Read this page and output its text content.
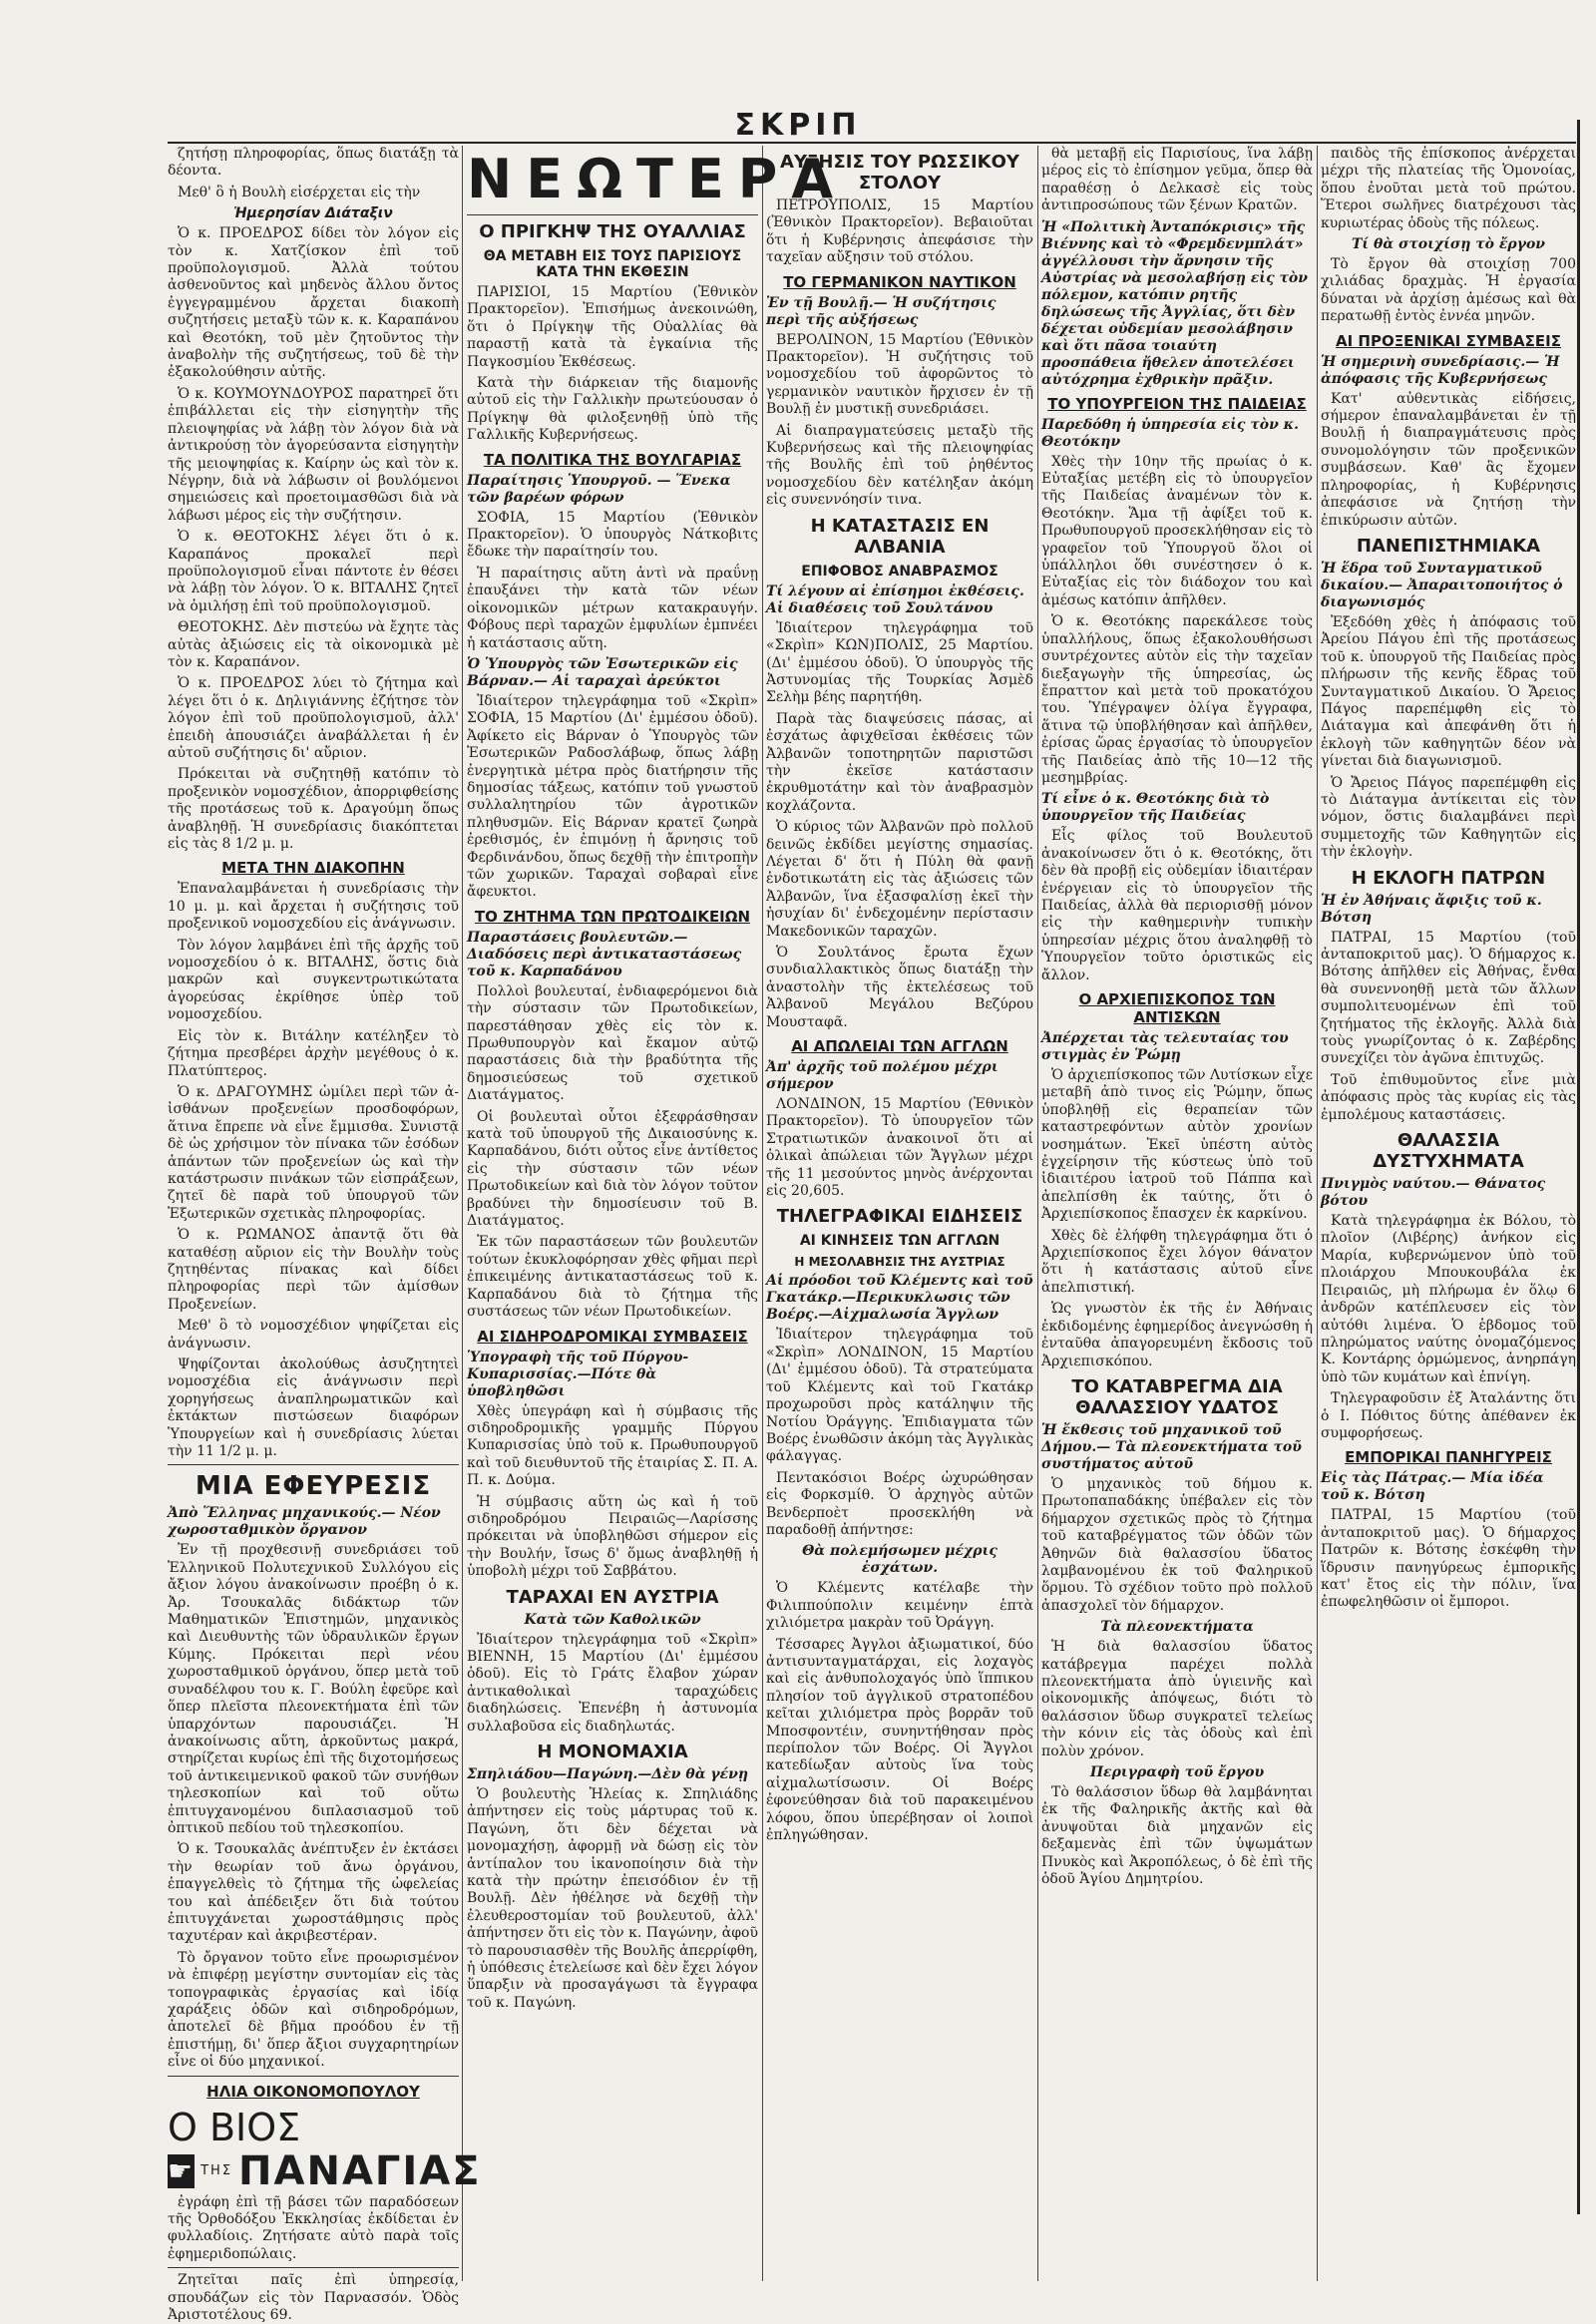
ΣΚΡΙΠ

ζητήσῃ πληροφορίας, ὅπως διατάξῃ τὰ δέοντα.

Μεθ' ὃ ἡ Βουλὴ εἰσέρχεται εἰς τὴν

Ἡμερησίαν Διάταξιν

Ὁ κ. ΠΡΟΕΔΡΟΣ δίδει τὸν λόγον εἰς τὸν κ. Χατζίσκον ἐπὶ τοῦ προϋπολογισμοῦ. Ἀλλὰ τούτου ἀσθενοῦντος καὶ μηδενὸς ἄλλου ὄντος ἐγγεγραμμένου ἄρχεται διακοπὴ συζητήσεις μεταξὺ τῶν κ. κ. Καραπάνου καὶ Θεοτόκη, τοῦ μὲν ζητοῦντος τὴν ἀναβολὴν τῆς συζητήσεως, τοῦ δὲ τὴν ἐξακολούθησιν αὐτῆς.

Ὁ κ. ΚΟΥΜΟΥΝΔΟΥΡΟΣ παρατηρεῖ ὅτι ἐπιβάλλεται εἰς τὴν εἰσηγητὴν τῆς πλειοψηφίας νὰ λάβῃ τὸν λόγον διὰ νὰ ἀντικρούσῃ τὸν ἀγορεύσαντα εἰσηγητὴν τῆς μειοψηφίας κ. Καίρην ὡς καὶ τὸν κ. Νέγρην, διὰ νὰ λάβωσιν οἱ βουλόμενοι σημειώσεις καὶ προετοιμασθῶσι διὰ νὰ λάβωσι μέρος εἰς τὴν συζήτησιν.

Ὁ κ. ΘΕΟΤΟΚΗΣ λέγει ὅτι ὁ κ. Καραπάνος προκαλεῖ περὶ προϋπολογισμοῦ εἶναι πάντοτε ἐν θέσει νὰ λάβῃ τὸν λόγον. Ὁ κ. ΒΙΤΑΛΗΣ ζητεῖ νὰ ὁμιλήσῃ ἐπὶ τοῦ προϋπολογισμοῦ.

ΘΕΟΤΟΚΗΣ. Δὲν πιστεύω νὰ ἔχητε τὰς αὐτὰς ἀξιώσεις εἰς τὰ οἰκονομικὰ μὲ τὸν κ. Καραπάνον.

Ὁ κ. ΠΡΟΕΔΡΟΣ λύει τὸ ζήτημα καὶ λέγει ὅτι ὁ κ. Δηλιγιάννης ἐζήτησε τὸν λόγον ἐπὶ τοῦ προϋπολογισμοῦ, ἀλλ' ἐπειδὴ ἀπουσιάζει ἀναβάλλεται ἡ ἐν αὐτοῦ συζήτησις δι' αὔριον.

Πρόκειται νὰ συζητηθῇ κατόπιν τὸ προξενικὸν νομοσχέδιον, ἀπορριφθείσης τῆς προτάσεως τοῦ κ. Δραγούμη ὅπως ἀναβληθῇ. Ἡ συνεδρίασις διακόπτεται εἰς τὰς 8 1/2 μ. μ.

ΜΕΤΑ ΤΗΝ ΔΙΑΚΟΠΗΝ

Ἐπαναλαμβάνεται ἡ συνεδρίασις τὴν 10 μ. μ. καὶ ἄρχεται ἡ συζήτησις τοῦ προξενικοῦ νομοσχεδίου εἰς ἀνάγνωσιν.

Τὸν λόγον λαμβάνει ἐπὶ τῆς ἀρχῆς τοῦ νομοσχεδίου ὁ κ. ΒΙΤΑΛΗΣ, ὅστις διὰ μακρῶν καὶ συγκεντρωτικώτατα ἀγορεύσας ἐκρίθησε ὑπὲρ τοῦ νομοσχεδίου.

Εἰς τὸν κ. Βιτάλην κατέληξεν τὸ ζήτημα πρεσβέρει ἀρχὴν μεγέθους ὁ κ. Πλατύπτερος.

Ὁ κ. ΔΡΑΓΟΥΜΗΣ ὡμίλει περὶ τῶν ἀ-ἰσθάνων προξενείων προσδοφόρων, ἅτινα ἔπρεπε νὰ εἶνε ἔμμισθα. Συνιστᾷ δὲ ὡς χρήσιμον τὸν πίνακα τῶν ἐσόδων ἁπάντων τῶν προξενείων ὡς καὶ τὴν κατάστρωσιν πινάκων τῶν εἰσπράξεων, ζητεῖ δὲ παρὰ τοῦ ὑπουργοῦ τῶν Ἐξωτερικῶν σχετικὰς πληροφορίας.

Ὁ κ. ΡΩΜΑΝΟΣ ἀπαντᾷ ὅτι θὰ καταθέσῃ αὔριον εἰς τὴν Βουλὴν τοὺς ζητηθέντας πίνακας καὶ δίδει πληροφορίας περὶ τῶν ἀμίσθων Προξενείων.

Μεθ' ὃ τὸ νομοσχέδιον ψηφίζεται εἰς ἀνάγνωσιν.

Ψηφίζονται ἀκολούθως ἀσυζητητεὶ νομοσχέδια εἰς ἀνάγνωσιν περὶ χορηγήσεως ἀναπληρωματικῶν καὶ ἐκτάκτων πιστώσεων διαφόρων Ὑπουργείων καὶ ἡ συνεδρίασις λύεται τὴν 11 1/2 μ. μ.

ΜΙΑ ΕΦΕΥΡΕΣΙΣ
Ἀπὸ Ἕλληνας μηχανικούς.— Νέον χωροσταθμικὸν ὄργανον

Ἐν τῇ προχθεσινῇ συνεδριάσει τοῦ Ἑλληνικοῦ Πολυτεχνικοῦ Συλλόγου εἰς ἄξιον λόγου ἀνακοίνωσιν προέβη ὁ κ. Ἀρ. Τσουκαλᾶς διδάκτωρ τῶν Μαθηματικῶν Ἐπιστημῶν, μηχανικὸς καὶ Διευθυντὴς τῶν ὑδραυλικῶν ἔργων Κύμης. Πρόκειται περὶ νέου χωροσταθμικοῦ ὀργάνου, ὅπερ μετὰ τοῦ συναδέλφου του κ. Γ. Βούλη ἐφεῦρε καὶ ὅπερ πλεῖστα πλεονεκτήματα ἐπὶ τῶν ὑπαρχόντων παρουσιάζει. Ἡ ἀνακοίνωσις αὕτη, ἀρκοῦντως μακρά, στηρίζεται κυρίως ἐπὶ τῆς διχοτομήσεως τοῦ ἀντικειμενικοῦ φακοῦ τῶν συνήθων τηλεσκοπίων καὶ τοῦ οὕτω ἐπιτυγχανομένου διπλασιασμοῦ τοῦ ὀπτικοῦ πεδίου τοῦ τηλεσκοπίου.

Ὁ κ. Τσουκαλᾶς ἀνέπτυξεν ἐν ἐκτάσει τὴν θεωρίαν τοῦ ἄνω ὀργάνου, ἐπαγγελθεὶς τὸ ζήτημα τῆς ὠφελείας του καὶ ἀπέδειξεν ὅτι διὰ τούτου ἐπιτυγχάνεται χωροστάθμησις πρὸς ταχυτέραν καὶ ἀκριβεστέραν.

Τὸ ὄργανον τοῦτο εἶνε προωρισμένον νὰ ἐπιφέρῃ μεγίστην συντομίαν εἰς τὰς τοπογραφικὰς ἐργασίας καὶ ἰδίᾳ χαράξεις ὁδῶν καὶ σιδηροδρόμων, ἀποτελεῖ δὲ βῆμα προόδου ἐν τῇ ἐπιστήμῃ, δι' ὅπερ ἄξιοι συγχαρητηρίων εἶνε οἱ δύο μηχανικοί.

ΗΛΙΑ ΟΙΚΟΝΟΜΟΠΟΥΛΟΥ
Ο ΒΙΟΣ
☛ ΤΗΣ ΠΑΝΑΓΙΑΣ

ἐγράφη ἐπὶ τῇ βάσει τῶν παραδόσεων τῆς Ὀρθοδόξου Ἐκκλησίας ἐκδίδεται ἐν φυλλαδίοις. Ζητήσατε αὐτὸ παρὰ τοῖς ἐφημεριδοπώλαις.

Ζητεῖται παῖς ἐπὶ ὑπηρεσίᾳ, σπουδάζων εἰς τὸν Παρνασσόν. Ὁδὸς Ἀριστοτέλους 69.

ΝΕΩΤΕΡΑ
Ο ΠΡΙΓΚΗΨ ΤΗΣ ΟΥΑΛΛΙΑΣ
ΘΑ ΜΕΤΑΒΗ ΕΙΣ ΤΟΥΣ ΠΑΡΙΣΙΟΥΣ ΚΑΤΑ ΤΗΝ ΕΚΘΕΣΙΝ

ΠΑΡΙΣΙΟΙ, 15 Μαρτίου (Ἐθνικὸν Πρακτορεῖον). Ἐπισήμως ἀνεκοινώθη, ὅτι ὁ Πρίγκηψ τῆς Οὐαλλίας θὰ παραστῇ κατὰ τὰ ἐγκαίνια τῆς Παγκοσμίου Ἐκθέσεως.

Κατὰ τὴν διάρκειαν τῆς διαμονῆς αὐτοῦ εἰς τὴν Γαλλικὴν πρωτεύουσαν ὁ Πρίγκηψ θὰ φιλοξενηθῇ ὑπὸ τῆς Γαλλικῆς Κυβερνήσεως.

ΤΑ ΠΟΛΙΤΙΚΑ ΤΗΣ ΒΟΥΛΓΑΡΙΑΣ
Παραίτησις Ὑπουργοῦ. — Ἕνεκα τῶν βαρέων φόρων

ΣΟΦΙΑ, 15 Μαρτίου (Ἐθνικὸν Πρακτορεῖον). Ὁ ὑπουργὸς Νάτκοβιτς ἔδωκε τὴν παραίτησίν του.

Ἡ παραίτησις αὕτη ἀντὶ νὰ πραΰνῃ ἐπαυξάνει τὴν κατὰ τῶν νέων οἰκονομικῶν μέτρων κατακραυγήν. Φόβους περὶ ταραχῶν ἐμφυλίων ἐμπνέει ἡ κατάστασις αὕτη.

Ὁ Ὑπουργὸς τῶν Ἐσωτερικῶν εἰς Βάρναν.— Αἱ ταραχαὶ ἀρεύκτοι

Ἰδιαίτερον τηλεγράφημα τοῦ «Σκρὶπ» ΣΟΦΙΑ, 15 Μαρτίου (Δι' ἐμμέσου ὁδοῦ). Ἀφίκετο εἰς Βάρναν ὁ Ὑπουργὸς τῶν Ἐσωτερικῶν Ραδοσλάβωφ, ὅπως λάβῃ ἐνεργητικὰ μέτρα πρὸς διατήρησιν τῆς δημοσίας τάξεως, κατόπιν τοῦ γνωστοῦ συλλαλητηρίου τῶν ἀγροτικῶν πληθυσμῶν. Εἰς Βάρναν κρατεῖ ζωηρὰ ἐρεθισμός, ἐν ἐπιμόνῃ ἡ ἄρνησις τοῦ Φερδινάνδου, ὅπως δεχθῇ τὴν ἐπιτροπὴν τῶν χωρικῶν. Ταραχαὶ σοβαραὶ εἶνε ἄφευκτοι.

ΤΟ ΖΗΤΗΜΑ ΤΩΝ ΠΡΩΤΟΔΙΚΕΙΩΝ
Παραστάσεις βουλευτῶν.— Διαδόσεις περὶ ἀντικαταστάσεως τοῦ κ. Καρπαδάνου

Πολλοὶ βουλευταί, ἐνδιαφερόμενοι διὰ τὴν σύστασιν τῶν Πρωτοδικείων, παρεστάθησαν χθὲς εἰς τὸν κ. Πρωθυπουργὸν καὶ ἔκαμον αὐτῷ παραστάσεις διὰ τὴν βραδύτητα τῆς δημοσιεύσεως τοῦ σχετικοῦ Διατάγματος.

Οἱ βουλευταὶ οὗτοι ἐξεφράσθησαν κατὰ τοῦ ὑπουργοῦ τῆς Δικαιοσύνης κ. Καρπαδάνου, διότι οὗτος εἶνε ἀντίθετος εἰς τὴν σύστασιν τῶν νέων Πρωτοδικείων καὶ διὰ τὸν λόγον τοῦτον βραδύνει τὴν δημοσίευσιν τοῦ Β. Διατάγματος.

Ἐκ τῶν παραστάσεων τῶν βουλευτῶν τούτων ἐκυκλοφόρησαν χθὲς φῆμαι περὶ ἐπικειμένης ἀντικαταστάσεως τοῦ κ. Καρπαδάνου διὰ τὸ ζήτημα τῆς συστάσεως τῶν νέων Πρωτοδικείων.

ΑΙ ΣΙΔΗΡΟΔΡΟΜΙΚΑΙ ΣΥΜΒΑΣΕΙΣ
Ὑπογραφὴ τῆς τοῦ Πύργου-Κυπαρισσίας.—Πότε θὰ ὑποβληθῶσι

Χθὲς ὑπεγράφη καὶ ἡ σύμβασις τῆς σιδηροδρομικῆς γραμμῆς Πύργου Κυπαρισσίας ὑπὸ τοῦ κ. Πρωθυπουργοῦ καὶ τοῦ διευθυντοῦ τῆς ἑταιρίας Σ. Π. Α. Π. κ. Δούμα.

Ἡ σύμβασις αὕτη ὡς καὶ ἡ τοῦ σιδηροδρόμου Πειραιῶς—Λαρίσσης πρόκειται νὰ ὑποβληθῶσι σήμερον εἰς τὴν Βουλήν, ἴσως δ' ὅμως ἀναβληθῇ ἡ ὑποβολὴ μέχρι τοῦ Σαββάτου.

ΤΑΡΑΧΑΙ ΕΝ ΑΥΣΤΡΙΑ
Κατὰ τῶν Καθολικῶν

Ἰδιαίτερον τηλεγράφημα τοῦ «Σκρὶπ» ΒΙΕΝΝΗ, 15 Μαρτίου (Δι' ἐμμέσου ὁδοῦ). Εἰς τὸ Γράτς ἔλαβον χώραν ἀντικαθολικαὶ ταραχώδεις διαδηλώσεις. Ἐπενέβη ἡ ἀστυνομία συλλαβοῦσα εἰς διαδηλωτάς.

Η ΜΟΝΟΜΑΧΙΑ
Σπηλιάδου—Παγώνη.—Δὲν θὰ γένῃ

Ὁ βουλευτὴς Ἠλείας κ. Σπηλιάδης ἀπήντησεν εἰς τοὺς μάρτυρας τοῦ κ. Παγώνη, ὅτι δὲν δέχεται νὰ μονομαχήσῃ, ἀφορμῇ νὰ δώσῃ εἰς τὸν ἀντίπαλον του ἱκανοποίησιν διὰ τὴν κατὰ τὴν πρώτην ἐπεισόδιον ἐν τῇ Βουλῇ. Δὲν ἠθέλησε νὰ δεχθῇ τὴν ἐλευθεροστομίαν τοῦ βουλευτοῦ, ἀλλ' ἀπήντησεν ὅτι εἰς τὸν κ. Παγώνην, ἀφοῦ τὸ παρουσιασθὲν τῆς Βουλῆς ἀπερρίφθη, ἡ ὑπόθεσις ἐτελείωσε καὶ δὲν ἔχει λόγον ὕπαρξιν νὰ προσαγάγωσι τὰ ἔγγραφα τοῦ κ. Παγώνη.

ΑΥΞΗΣΙΣ ΤΟΥ ΡΩΣΣΙΚΟΥ ΣΤΟΛΟΥ

ΠΕΤΡΟΥΠΟΛΙΣ, 15 Μαρτίου (Ἐθνικὸν Πρακτορεῖον). Βεβαιοῦται ὅτι ἡ Κυβέρνησις ἀπεφάσισε τὴν ταχεῖαν αὔξησιν τοῦ στόλου.

ΤΟ ΓΕΡΜΑΝΙΚΟΝ ΝΑΥΤΙΚΟΝ
Ἐν τῇ Βουλῇ.— Ἡ συζήτησις περὶ τῆς αὐξήσεως

ΒΕΡΟΛΙΝΟΝ, 15 Μαρτίου (Ἐθνικὸν Πρακτορεῖον). Ἡ συζήτησις τοῦ νομοσχεδίου τοῦ ἀφορῶντος τὸ γερμανικὸν ναυτικὸν ἤρχισεν ἐν τῇ Βουλῇ ἐν μυστικῇ συνεδριάσει.

Αἱ διαπραγματεύσεις μεταξὺ τῆς Κυβερνήσεως καὶ τῆς πλειοψηφίας τῆς Βουλῆς ἐπὶ τοῦ ῥηθέντος νομοσχεδίου δὲν κατέληξαν ἀκόμη εἰς συνεννόησίν τινα.

Η ΚΑΤΑΣΤΑΣΙΣ ΕΝ ΑΛΒΑΝΙΑ
ΕΠΙΦΟΒΟΣ ΑΝΑΒΡΑΣΜΟΣ
Τί λέγουν αἱ ἐπίσημοι ἐκθέσεις. Αἱ διαθέσεις τοῦ Σουλτάνου

Ἰδιαίτερον τηλεγράφημα τοῦ «Σκρὶπ» ΚΩΝ)ΠΟΛΙΣ, 25 Μαρτίου. (Δι' ἐμμέσου ὁδοῦ). Ὁ ὑπουργὸς τῆς Ἀστυνομίας τῆς Τουρκίας Ἀσμὲδ Σελὴμ βέης παρητήθη.

Παρὰ τὰς διαψεύσεις πάσας, αἱ ἐσχάτως ἀφιχθεῖσαι ἐκθέσεις τῶν Ἀλβανῶν τοποτηρητῶν παριστῶσι τὴν ἐκεῖσε κατάστασιν ἐκρυθμοτάτην καὶ τὸν ἀναβρασμὸν κοχλάζοντα.

Ὁ κύριος τῶν Ἀλβανῶν πρὸ πολλοῦ δεινῶς ἐκδίδει μεγίστης σημασίας. Λέγεται δ' ὅτι ἡ Πύλη θὰ φανῇ ἐνδοτικωτάτη εἰς τὰς ἀξιώσεις τῶν Ἀλβανῶν, ἵνα ἐξασφαλίσῃ ἐκεῖ τὴν ἡσυχίαν δι' ἐνδεχομένην περίστασιν Μακεδονικῶν ταραχῶν.

Ὁ Σουλτάνος ἔρωτα ἔχων συνδιαλλακτικὸς ὅπως διατάξῃ τὴν ἀναστολὴν τῆς ἐκτελέσεως τοῦ Ἀλβανοῦ Μεγάλου Βεζύρου Μουσταφᾶ.

ΑΙ ΑΠΩΛΕΙΑΙ ΤΩΝ ΑΓΓΛΩΝ
Ἀπ' ἀρχῆς τοῦ πολέμου μέχρι σήμερον

ΛΟΝΔΙΝΟΝ, 15 Μαρτίου (Ἐθνικὸν Πρακτορεῖον). Τὸ ὑπουργεῖον τῶν Στρατιωτικῶν ἀνακοινοῖ ὅτι αἱ ὁλικαὶ ἀπώλειαι τῶν Ἄγγλων μέχρι τῆς 11 μεσούντος μηνὸς ἀνέρχονται εἰς 20,605.

ΤΗΛΕΓΡΑΦΙΚΑΙ ΕΙΔΗΣΕΙΣ
ΑΙ ΚΙΝΗΣΕΙΣ ΤΩΝ ΑΓΓΛΩΝ
Η ΜΕΣΟΛΑΒΗΣΙΣ ΤΗΣ ΑΥΣΤΡΙΑΣ
Αἱ πρόοδοι τοῦ Κλέμεντς καὶ τοῦ Γκατάκρ.—Περικυκλωσις τῶν Βοέρς.—Αἰχμαλωσία Ἄγγλων

Ἰδιαίτερον τηλεγράφημα τοῦ «Σκρὶπ» ΛΟΝΔΙΝΟΝ, 15 Μαρτίου (Δι' ἐμμέσου ὁδοῦ). Τὰ στρατεύματα τοῦ Κλέμεντς καὶ τοῦ Γκατάκρ προχωροῦσι πρὸς κατάληψιν τῆς Νοτίου Ὀράγγης. Ἐπιδιαγματα τῶν Βοέρς ἐνωθῶσιν ἀκόμη τὰς Ἀγγλικὰς φάλαγγας.

Πεντακόσιοι Βοέρς ὠχυρώθησαν εἰς Φορκσμίθ. Ὁ ἀρχηγὸς αὐτῶν Βενδερποὲτ προσεκλήθη νὰ παραδοθῇ ἀπήντησε:

Θὰ πολεμήσωμεν μέχρις ἐσχάτων.

Ὁ Κλέμεντς κατέλαβε τὴν Φιλιππούπολιν κειμένην ἑπτὰ χιλιόμετρα μακρὰν τοῦ Ὀράγγη.

Τέσσαρες Ἀγγλοι ἀξιωματικοί, δύο ἀντισυνταγματάρχαι, εἰς λοχαγὸς καὶ εἰς ἀνθυπολοχαγός ὑπὸ ἵππικου πλησίον τοῦ ἀγγλικοῦ στρατοπέδου κεῖται χιλιόμετρα πρὸς βορρᾶν τοῦ Μποσφοντέιν, συνηντήθησαν πρὸς περίπολον τῶν Βοέρς. Οἱ Ἄγγλοι κατεδίωξαν αὐτοὺς ἵνα τοὺς αἰχμαλωτίσωσιν. Οἱ Βοέρς ἐφονεύθησαν διὰ τοῦ παρακειμένου λόφου, ὅπου ὑπερέβησαν οἱ λοιποὶ ἐπληγώθησαν.

θὰ μεταβῇ εἰς Παρισίους, ἵνα λάβῃ μέρος εἰς τὸ ἐπίσημον γεῦμα, ὅπερ θὰ παραθέσῃ ὁ Δελκασὲ εἰς τοὺς ἀντιπροσώπους τῶν ξένων Κρατῶν.

Ἡ «Πολιτικὴ Ἀνταπόκρισις» τῆς Βιέννης καὶ τὸ «Φρεμδενμπλάτ» ἀγγέλλουσι τὴν ἄρνησιν τῆς Αὐστρίας νὰ μεσολαβήσῃ εἰς τὸν πόλεμον, κατόπιν ρητῆς δηλώσεως τῆς Ἀγγλίας, ὅτι δὲν δέχεται οὐδεμίαν μεσολάβησιν καὶ ὅτι πᾶσα τοιαύτη προσπάθεια ἤθελεν ἀποτελέσει αὐτόχρημα ἐχθρικὴν πρᾶξιν.
ΤΟ ΥΠΟΥΡΓΕΙΟΝ ΤΗΣ ΠΑΙΔΕΙΑΣ
Παρεδόθη ἡ ὑπηρεσία εἰς τὸν κ. Θεοτόκην

Χθὲς τὴν 10ην τῆς πρωίας ὁ κ. Εὐταξίας μετέβη εἰς τὸ ὑπουργεῖον τῆς Παιδείας ἀναμένων τὸν κ. Θεοτόκην. Ἅμα τῇ ἀφίξει τοῦ κ. Πρωθυπουργοῦ προσεκλήθησαν εἰς τὸ γραφεῖον τοῦ Ὑπουργοῦ ὅλοι οἱ ὑπάλληλοι ὅθι συνέστησεν ὁ κ. Εὐταξίας εἰς τὸν διάδοχον του καὶ ἀμέσως κατόπιν ἀπῆλθεν.

Ὁ κ. Θεοτόκης παρεκάλεσε τοὺς ὑπαλλήλους, ὅπως ἐξακολουθήσωσι συντρέχοντες αὐτὸν εἰς τὴν ταχεῖαν διεξαγωγὴν τῆς ὑπηρεσίας, ὡς ἔπραττον καὶ μετὰ τοῦ προκατόχου του. Ὑπέγραψεν ὀλίγα ἔγγραφα, ἅτινα τῷ ὑποβλήθησαν καὶ ἀπῆλθεν, ἐρίσας ὥρας ἐργασίας τὸ ὑπουργεῖον τῆς Παιδείας ἀπὸ τῆς 10—12 τῆς μεσημβρίας.

Τί εἶνε ὁ κ. Θεοτόκης διὰ τὸ ὑπουργεῖον τῆς Παιδείας

Εἷς φίλος τοῦ Βουλευτοῦ ἀνακοίνωσεν ὅτι ὁ κ. Θεοτόκης, ὅτι δὲν θὰ προβῇ εἰς οὐδεμίαν ἰδιαιτέραν ἐνέργειαν εἰς τὸ ὑπουργεῖον τῆς Παιδείας, ἀλλὰ θὰ περιορισθῇ μόνον εἰς τὴν καθημερινὴν τυπικὴν ὑπηρεσίαν μέχρις ὅτου ἀναληφθῇ τὸ Ὑπουργεῖον τοῦτο ὁριστικῶς εἰς ἄλλον.

Ο ΑΡΧΙΕΠΙΣΚΟΠΟΣ ΤΩΝ ΑΝΤΙΣΚΩΝ
Ἀπέρχεται τὰς τελευταίας του στιγμὰς ἐν Ῥώμῃ

Ὁ ἀρχιεπίσκοπος τῶν Λυτίσκων εἶχε μεταβῆ ἀπὸ τινος εἰς Ῥώμην, ὅπως ὑποβληθῇ εἰς θεραπείαν τῶν καταστρεφόντων αὐτὸν χρονίων νοσημάτων. Ἐκεῖ ὑπέστη αὐτὸς ἐγχείρησιν τῆς κύστεως ὑπὸ τοῦ ἰδιαιτέρου ἰατροῦ τοῦ Πάππα καὶ ἀπελπίσθη ἐκ ταύτης, ὅτι ὁ Ἀρχιεπίσκοπος ἔπασχεν ἐκ καρκίνου.

Χθὲς δὲ ἐλήφθη τηλεγράφημα ὅτι ὁ Ἀρχιεπίσκοπος ἔχει λόγον θάνατον ὅτι ἡ κατάστασις αὐτοῦ εἶνε ἀπελπιστική.

Ὡς γνωστὸν ἐκ τῆς ἐν Ἀθήναις ἐκδιδομένης ἐφημερίδος ἀνεγνώσθη ἡ ἐνταῦθα ἀπαγορευμένη ἔκδοσις τοῦ Ἀρχιεπισκόπου.

ΤΟ ΚΑΤΑΒΡΕΓΜΑ ΔΙΑ ΘΑΛΑΣΣΙΟΥ ΥΔΑΤΟΣ
Ἡ ἔκθεσις τοῦ μηχανικοῦ τοῦ Δήμου.— Τὰ πλεονεκτήματα τοῦ συστήματος αὐτοῦ

Ὁ μηχανικὸς τοῦ δήμου κ. Πρωτοπαπαδάκης ὑπέβαλεν εἰς τὸν δήμαρχον σχετικῶς πρὸς τὸ ζήτημα τοῦ καταβρέγματος τῶν ὁδῶν τῶν Ἀθηνῶν διὰ θαλασσίου ὕδατος λαμβανομένου ἐκ τοῦ Φαληρικοῦ ὅρμου. Τὸ σχέδιον τοῦτο πρὸ πολλοῦ ἀπασχολεῖ τὸν δήμαρχον.

Τὰ πλεονεκτήματα

Ἡ διὰ θαλασσίου ὕδατος κατάβρεγμα παρέχει πολλὰ πλεονεκτήματα ἀπὸ ὑγιεινῆς καὶ οἰκονομικῆς ἀπόψεως, διότι τὸ θαλάσσιον ὕδωρ συγκρατεῖ τελείως τὴν κόνιν εἰς τὰς ὁδοὺς καὶ ἐπὶ πολὺν χρόνον.

Περιγραφὴ τοῦ ἔργου

Τὸ θαλάσσιον ὕδωρ θὰ λαμβάνηται ἐκ τῆς Φαληρικῆς ἀκτῆς καὶ θὰ ἀνυψοῦται διὰ μηχανῶν εἰς δεξαμενὰς ἐπὶ τῶν ὑψωμάτων Πνυκὸς καὶ Ἀκροπόλεως, ὁ δὲ ἐπὶ τῆς ὁδοῦ Ἁγίου Δημητρίου.

παιδὸς τῆς ἐπίσκοπος ἀνέρχεται μέχρι τῆς πλατείας τῆς Ὁμονοίας, ὅπου ἐνοῦται μετὰ τοῦ πρώτου. Ἕτεροι σωλῆνες διατρέχουσι τὰς κυριωτέρας ὁδοὺς τῆς πόλεως.

Τί θὰ στοιχίσῃ τὸ ἔργον

Τὸ ἔργον θὰ στοιχίσῃ 700 χιλιάδας δραχμὰς. Ἡ ἐργασία δύναται νὰ ἀρχίσῃ ἀμέσως καὶ θὰ περατωθῇ ἐντὸς ἐννέα μηνῶν.

ΑΙ ΠΡΟΞΕΝΙΚΑΙ ΣΥΜΒΑΣΕΙΣ
Ἡ σημερινὴ συνεδρίασις.— Ἡ ἀπόφασις τῆς Κυβερνήσεως

Κατ' αὐθεντικὰς εἰδήσεις, σήμερον ἐπαναλαμβάνεται ἐν τῇ Βουλῇ ἡ διαπραγμάτευσις πρὸς συνομολόγησιν τῶν προξενικῶν συμβάσεων. Καθ' ἃς ἔχομεν πληροφορίας, ἡ Κυβέρνησις ἀπεφάσισε νὰ ζητήσῃ τὴν ἐπικύρωσιν αὐτῶν.

ΠΑΝΕΠΙΣΤΗΜΙΑΚΑ
Ἡ ἕδρα τοῦ Συνταγματικοῦ δικαίου.— Ἀπαραιτοποιήτος ὁ διαγωνισμός

Ἐξεδόθη χθὲς ἡ ἀπόφασις τοῦ Ἀρείου Πάγου ἐπὶ τῆς προτάσεως τοῦ κ. ὑπουργοῦ τῆς Παιδείας πρὸς πλήρωσιν τῆς κενῆς ἕδρας τοῦ Συνταγματικοῦ Δικαίου. Ὁ Ἄρειος Πάγος παρεπέμφθη εἰς τὸ Διάταγμα καὶ ἀπεφάνθη ὅτι ἡ ἐκλογὴ τῶν καθηγητῶν δέον νὰ γίνεται διὰ διαγωνισμοῦ.

Ὁ Ἄρειος Πάγος παρεπέμφθη εἰς τὸ Διάταγμα ἀντίκειται εἰς τὸν νόμον, ὅστις διαλαμβάνει περὶ συμμετοχῆς τῶν Καθηγητῶν εἰς τὴν ἐκλογὴν.

Η ΕΚΛΟΓΗ ΠΑΤΡΩΝ
Ἡ ἐν Ἀθήναις ἄφιξις τοῦ κ. Βότση

ΠΑΤΡΑΙ, 15 Μαρτίου (τοῦ ἀνταποκριτοῦ μας). Ὁ δήμαρχος κ. Βότσης ἀπῆλθεν εἰς Ἀθήνας, ἔνθα θὰ συνεννοηθῇ μετὰ τῶν ἄλλων συμπολιτευομένων ἐπὶ τοῦ ζητήματος τῆς ἐκλογῆς. Ἀλλὰ διὰ τοὺς γνωρίζοντας ὁ κ. Ζαβέρδης συνεχίζει τὸν ἀγῶνα ἐπιτυχῶς.

Τοῦ ἐπιθυμοῦντος εἶνε μιὰ ἀπόφασις πρὸς τὰς κυρίας εἰς τὰς ἐμπολέμους καταστάσεις.

ΘΑΛΑΣΣΙΑ ΔΥΣΤΥΧΗΜΑΤΑ
Πνιγμὸς ναύτου.— Θάνατος βότου

Κατὰ τηλεγράφημα ἐκ Βόλου, τὸ πλοῖον (Λιβέρης) ἀνήκον εἰς Μαρία, κυβερνώμενον ὑπὸ τοῦ πλοιάρχου Μπουκουβάλα ἐκ Πειραιῶς, μὴ πλήρωμα ἐν ὅλῳ 6 ἀνδρῶν κατέπλευσεν εἰς τὸν αὐτόθι λιμένα. Ὁ ἑβδομος τοῦ πληρώματος ναύτης ὀνομαζόμενος Κ. Κοντάρης ὁρμώμενος, ἀνηρπάγη ὑπὸ τῶν κυμάτων καὶ ἐπνίγη.

Τηλεγραφοῦσιν ἐξ Ἀταλάντης ὅτι ὁ Ι. Πόθιτος δύτης ἀπέθανεν ἐκ συμφορήσεως.

ΕΜΠΟΡΙΚΑΙ ΠΑΝΗΓΥΡΕΙΣ
Εἰς τὰς Πάτρας.— Μία ἰδέα τοῦ κ. Βότση

ΠΑΤΡΑΙ, 15 Μαρτίου (τοῦ ἀνταποκριτοῦ μας). Ὁ δήμαρχος Πατρῶν κ. Βότσης ἐσκέφθη τὴν ἵδρυσιν πανηγύρεως ἐμπορικῆς κατ' ἔτος εἰς τὴν πόλιν, ἵνα ἐπωφεληθῶσιν οἱ ἔμποροι.
